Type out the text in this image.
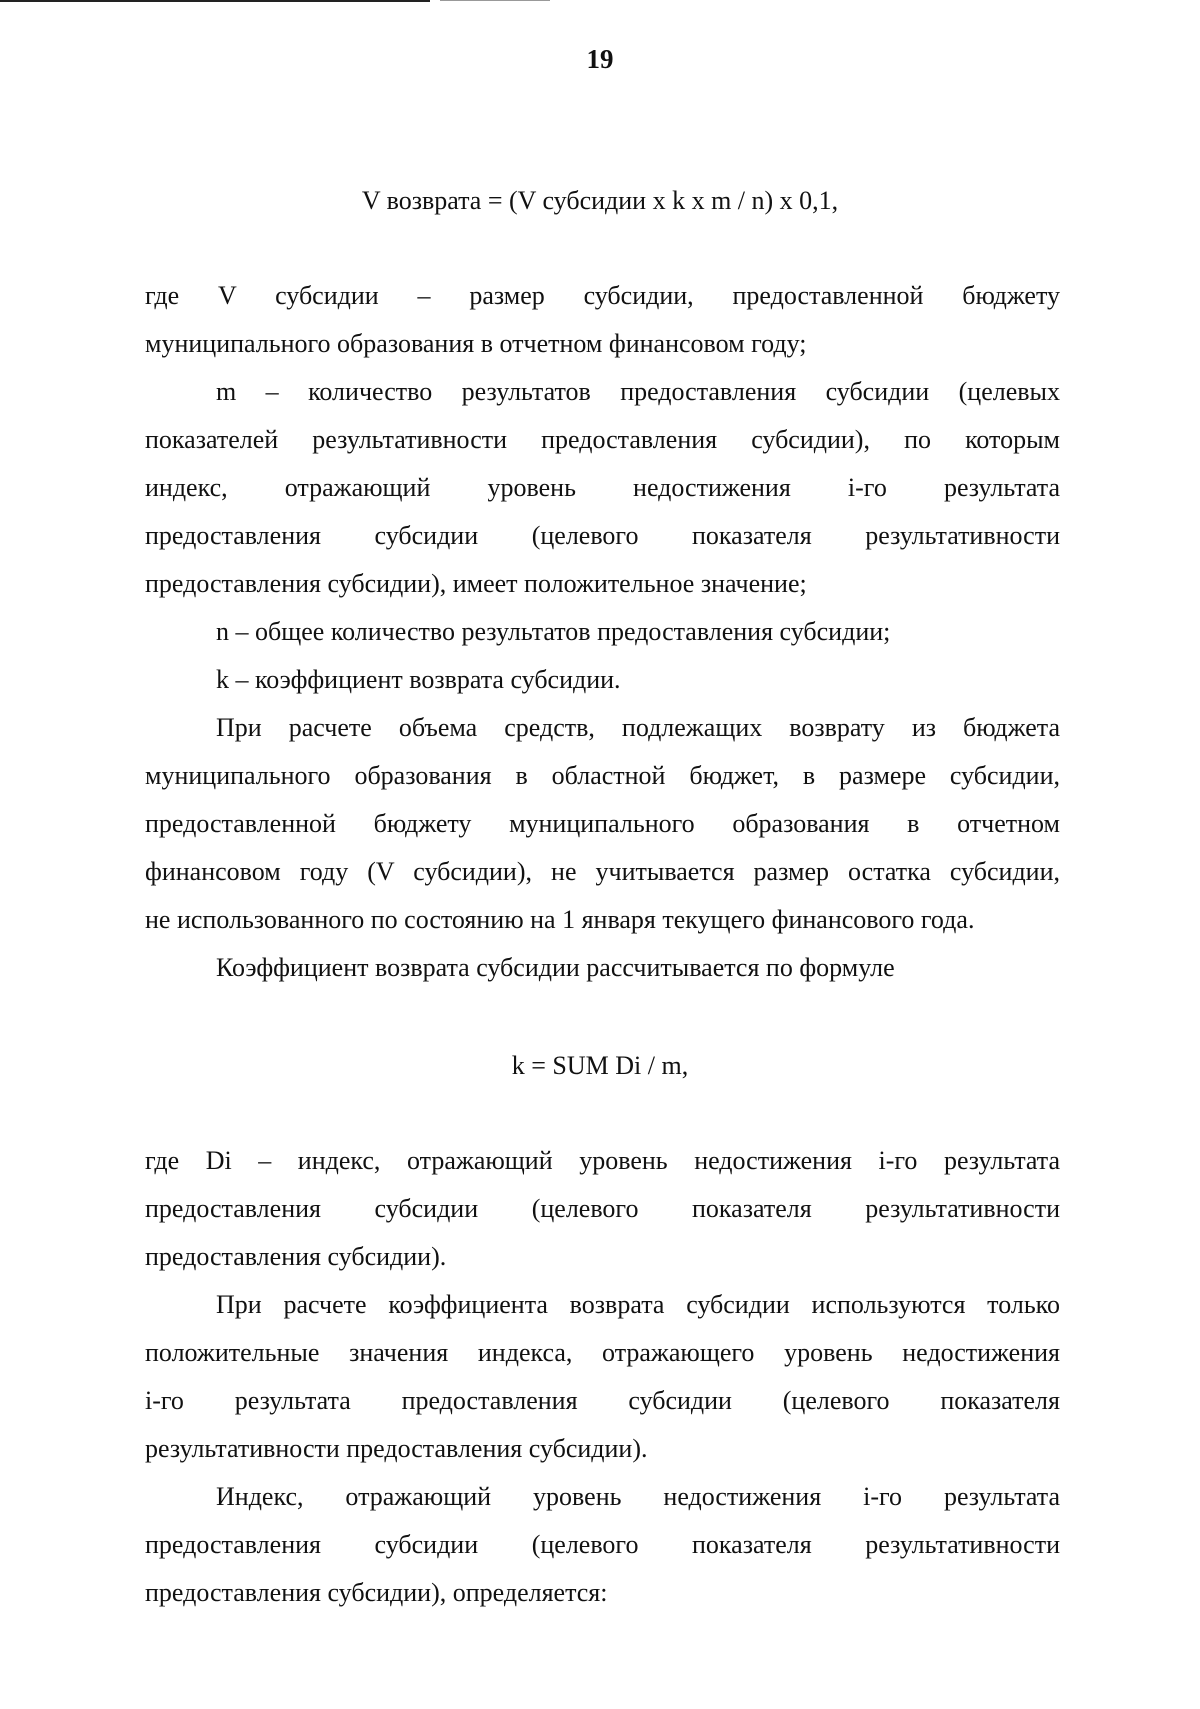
19
V возврата = (V субсидии x k x m / n) x 0,1,
где V субсидии – размер субсидии, предоставленной бюджету
муниципального образования в отчетном финансовом году;
m – количество результатов предоставления субсидии (целевых
показателей результативности предоставления субсидии), по которым
индекс, отражающий уровень недостижения i-го результата
предоставления субсидии (целевого показателя результативности
предоставления субсидии), имеет положительное значение;
n – общее количество результатов предоставления субсидии;
k – коэффициент возврата субсидии.
При расчете объема средств, подлежащих возврату из бюджета
муниципального образования в областной бюджет, в размере субсидии,
предоставленной бюджету муниципального образования в отчетном
финансовом году (V субсидии), не учитывается размер остатка субсидии,
не использованного по состоянию на 1 января текущего финансового года.
Коэффициент возврата субсидии рассчитывается по формуле
k = SUM Di / m,
где Di – индекс, отражающий уровень недостижения i-го результата
предоставления субсидии (целевого показателя результативности
предоставления субсидии).
При расчете коэффициента возврата субсидии используются только
положительные значения индекса, отражающего уровень недостижения
i-го результата предоставления субсидии (целевого показателя
результативности предоставления субсидии).
Индекс, отражающий уровень недостижения i-го результата
предоставления субсидии (целевого показателя результативности
предоставления субсидии), определяется:
